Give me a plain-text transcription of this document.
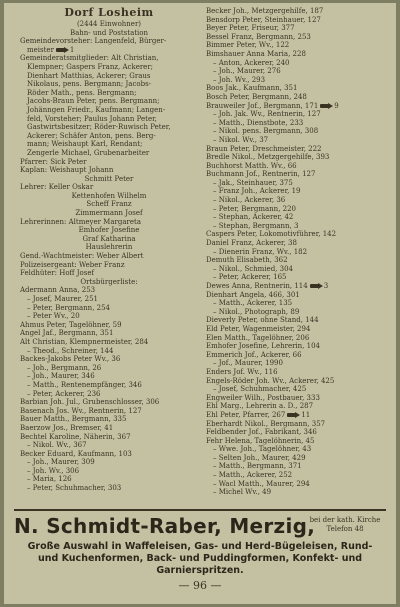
Dorf Losheim
(2444 Einwohner)
Bahn- und Poststation
Gemeindevorsteher: Langenfeld, Bürger-
meister 1
Gemeinderatsmitglieder: Alt Christian,
Klempner; Gaspers Franz, Ackerer;
Dienhart Matthias, Ackerer; Graus
Nikolaus, pens. Bergmann; Jacobs-
Röder Math., pens. Bergmann;
Jacobs-Braun Peter, pens. Bergmann;
Johänngen Friedr., Kaufmann; Langen-
feld, Vorsteher; Paulus Johann Peter,
Gastwirtsbesitzer; Röder-Ruwisch Peter,
Ackerer; Schäfer Anton, pens. Berg-
mann; Weishaupt Karl, Rendant;
Zengerle Michael, Grubenarbeiter
Pfarrer: Sick Peter
Kaplan: Weishaupt Johann
Schmitt Peter
Lehrer: Keller Oskar
Kettenhofen Wilhelm
Scheff Franz
Zimmermann Josef
Lehrerinnen: Altmeyer Margareta
Emhofer Josefine
Graf Katharina
Hauslehrerin
Gend.-Wachtmeister: Weber Albert
Polizeisergeant: Weber Franz
Feldhüter: Hoff Josef
Ortsbürgerliste:
Adermann Anna, 253
– Josef, Maurer, 251
– Peter, Bergmann, 254
– Peter Wv., 20
Ahmus Peter, Tagelöhner, 59
Angel Jaf., Bergmann, 351
Alt Christian, Klempnermeister, 284
– Theod., Schreiner, 144
Backes-Jakobs Peter Wv., 36
– Joh., Bergmann, 26
– Joh., Maurer, 346
– Matth., Rentenempfänger, 346
– Peter, Ackerer, 236
Barbian Joh. Jul., Grubenschlosser, 306
Basenach Jos. Wv., Rentnerin, 127
Bauer Matth., Bergmann, 335
Baerzow Jos., Bremser, 41
Bechtel Karoline, Näherin, 367
– Nikol. Wv., 367
Becker Eduard, Kaufmann, 103
– Joh., Maurer, 309
– Joh. Wv., 306
– Maria, 126
– Peter, Schuhmacher, 303
Becker Joh., Metzgergehilfe, 187
Bensdorp Peter, Steinhauer, 127
Beyer Peter, Friseur, 377
Bessel Franz, Bergmann, 253
Bimmer Peter, Wv., 122
Bimshauer Anna Maria, 228
– Anton, Ackerer, 240
– Joh., Maurer, 276
– Joh. Wv., 293
Boos Jak., Kaufmann, 351
Bosch Peter, Bergmann, 248
Brauweiler Jof., Bergmann, 171 9
– Joh. Jak. Wv., Rentnerin, 127
– Matth., Dienstbote, 233
– Nikol. pens. Bergmann, 308
– Nikol. Wv., 37
Braun Peter, Dreschmeister, 222
Bredle Nikol., Metzgergehilfe, 393
Buchhorst Matth. Wv., 66
Buchmann Jof., Rentnerin, 127
– Jak., Steinhauer, 375
– Franz Joh., Ackerer, 19
– Nikol., Ackerer, 36
– Peter, Bergmann, 220
– Stephan, Ackerer, 42
– Stephan, Bergmann, 3
Caspers Peter, Lokomotivführer, 142
Daniel Franz, Ackerer, 38
– Dienerin Franz, Wv., 182
Demuth Elisabeth, 362
– Nikol., Schmied, 304
– Peter, Ackerer, 165
Dewes Anna, Rentnerin, 114 3
Dienhart Angela, 466, 301
– Matth., Ackerer, 135
– Nikol., Photograph, 89
Dieverly Peter, ohne Stand, 144
Eld Peter, Wagenmeister, 294
Elen Matth., Tagelöhner, 206
Emhofer Josefine, Lehrerin, 104
Emmerich Jof., Ackerer, 66
– Jof., Maurer, 1990
Enders Jof. Wv., 116
Engels-Röder Joh. Wv., Ackerer, 425
– Josef, Schuhmacher, 425
Engweiler Wilh., Postbauer, 333
Ehl Marg., Lehrerin a. D., 287
Ehl Peter, Pfarrer, 267 11
Eberhardt Nikol., Bergmann, 357
Feldbender Jof., Fabrikant, 346
Fehr Helena, Tagelöhnerin, 45
– Wwe. Joh., Tagelöhner, 43
– Selten Joh., Maurer, 429
– Matth., Bergmann, 371
– Matth., Ackerer, 252
– Wacl Matth., Maurer, 294
– Michel Wv., 49
N. Schmidt-Raber, Merzig,
bei der kath. Kirche
Telefon 48
Große Auswahl in Waffeleisen, Gas- und Herd-Bügeleisen, Rund-
und Kuchenformen, Back- und Puddingformen, Konfekt- und
Garnierspritzen.
— 96 —
